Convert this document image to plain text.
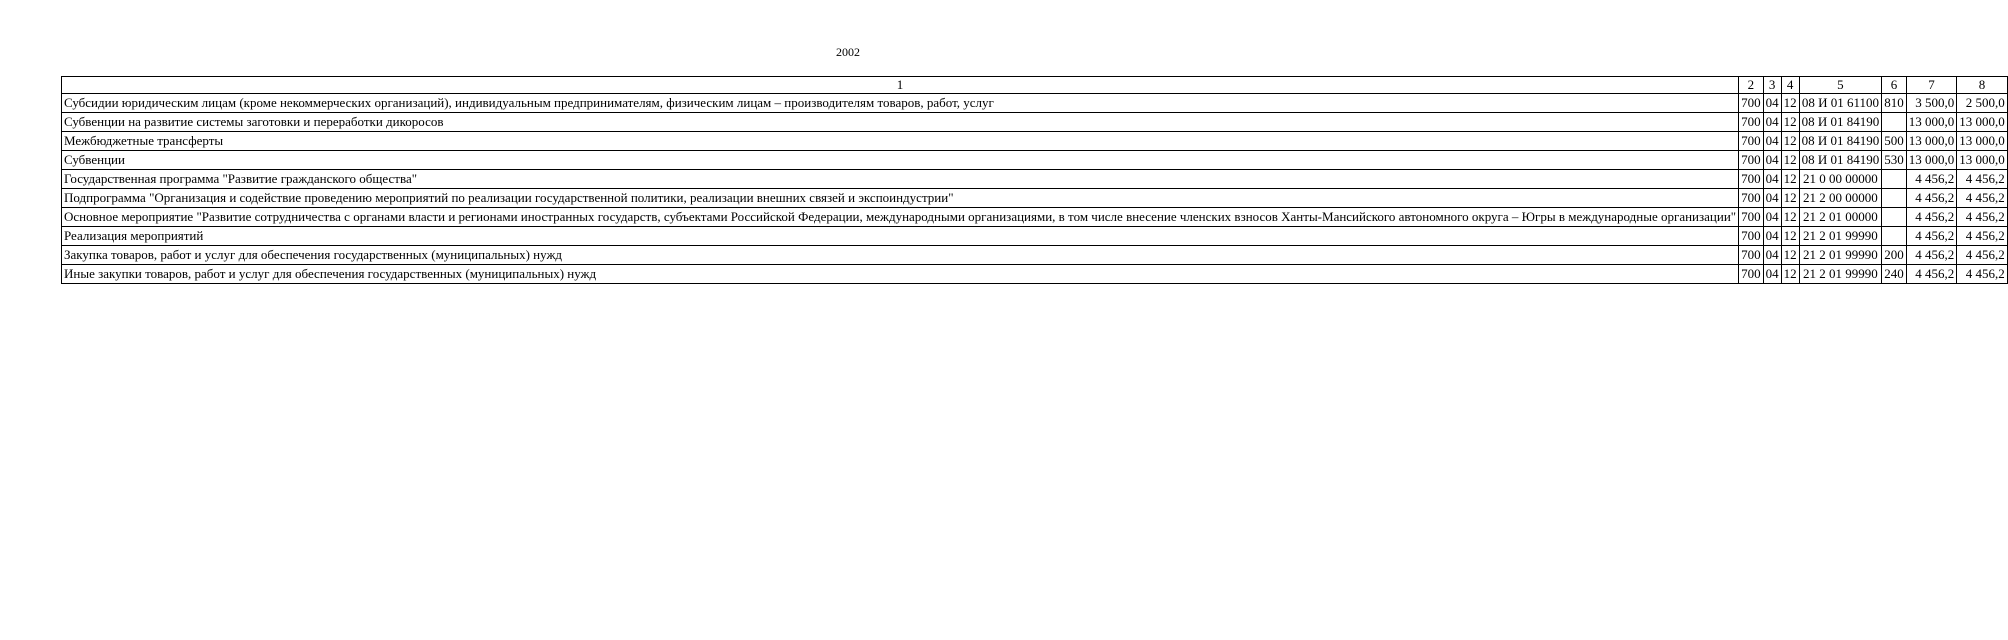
2002
1	2	3	4	5	6	7	8
Субсидии юридическим лицам (кроме некоммерческих организаций), индивидуальным предпринимателям, физическим лицам – производителям товаров, работ, услуг	700	04	12	08 И 01 61100	810	3 500,0	2 500,0
Субвенции на развитие системы заготовки и переработки дикоросов	700	04	12	08 И 01 84190		13 000,0	13 000,0
Межбюджетные трансферты	700	04	12	08 И 01 84190	500	13 000,0	13 000,0
Субвенции	700	04	12	08 И 01 84190	530	13 000,0	13 000,0
Государственная программа "Развитие гражданского общества"	700	04	12	21 0 00 00000		4 456,2	4 456,2
Подпрограмма "Организация и содействие проведению мероприятий по реализации государственной политики, реализации внешних связей и экспоиндустрии"	700	04	12	21 2 00 00000		4 456,2	4 456,2
Основное мероприятие "Развитие сотрудничества с органами власти и регионами иностранных государств, субъектами Российской Федерации, международными организациями, в том числе внесение членских взносов Ханты-Мансийского автономного округа – Югры в международные организации"	700	04	12	21 2 01 00000		4 456,2	4 456,2
Реализация мероприятий	700	04	12	21 2 01 99990		4 456,2	4 456,2
Закупка товаров, работ и услуг для обеспечения государственных (муниципальных) нужд	700	04	12	21 2 01 99990	200	4 456,2	4 456,2
Иные закупки товаров, работ и услуг для обеспечения государственных (муниципальных) нужд	700	04	12	21 2 01 99990	240	4 456,2	4 456,2
